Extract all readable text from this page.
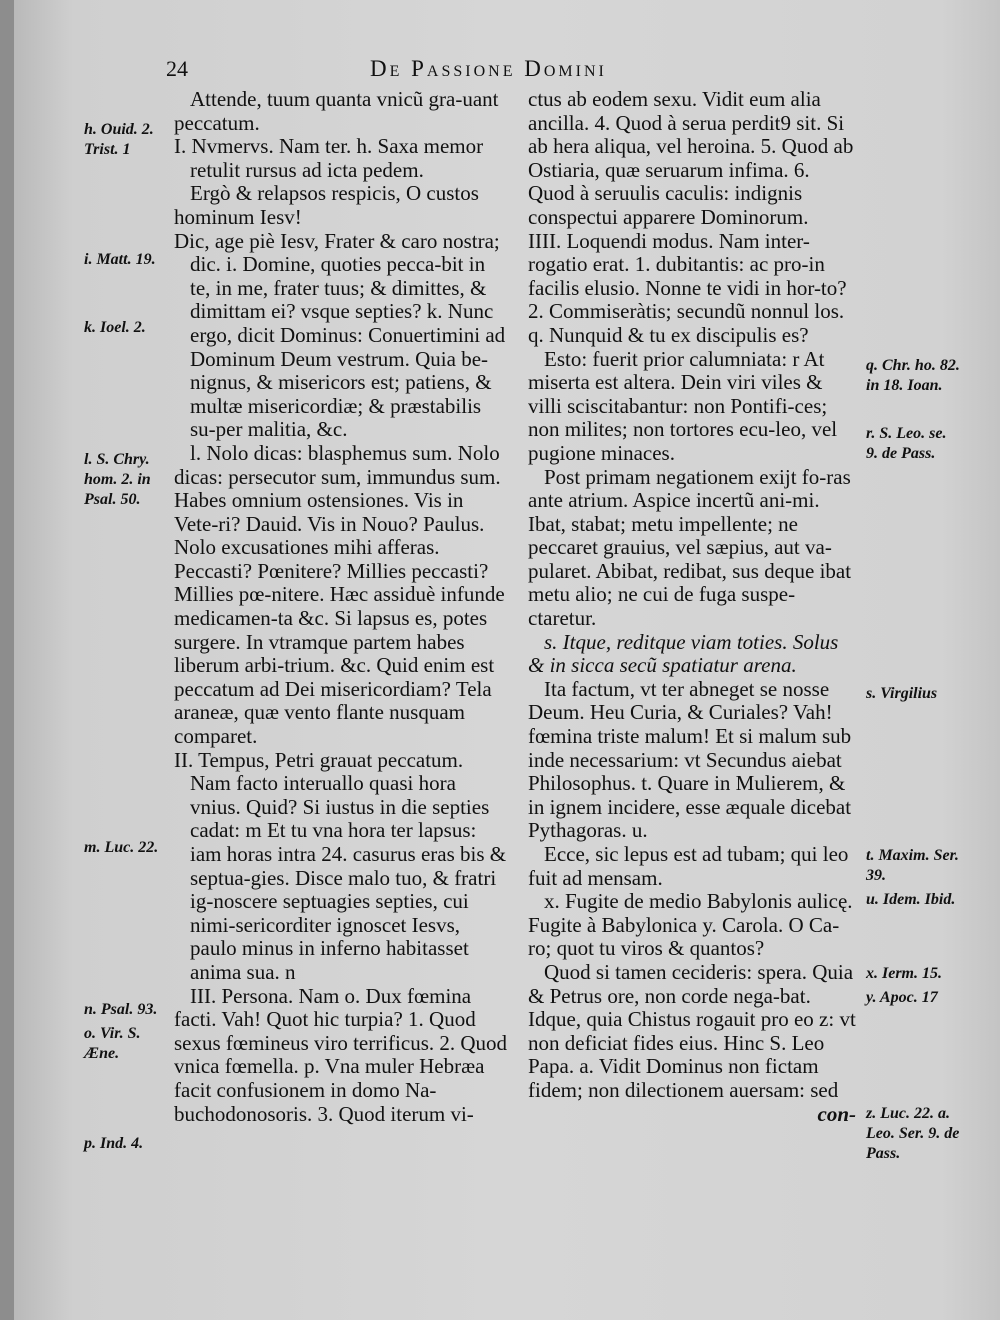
24	De Passione Domini

Attende, tuum quanta vnicũ gra-uant peccatum.

I. Nvmervs. Nam ter. h. Saxa memor retulit rursus ad icta pedem.

Ergò & relapsos respicis, O custos hominum Iesv!

Dic, age piè Iesv, Frater & caro nostra; dic. i. Domine, quoties pecca-bit in te, in me, frater tuus; & dimittes, & dimittam ei? vsque septies? k. Nunc ergo, dicit Dominus: Conuertimini ad Dominum Deum vestrum. Quia be-nignus, & misericors est; patiens, & multæ misericordiæ; & præstabilis su-per malitia, &c.

l. Nolo dicas: blasphemus sum. Nolo dicas: persecutor sum, immundus sum. Habes omnium ostensiones. Vis in Vete-ri? Dauid. Vis in Nouo? Paulus. Nolo excusationes mihi afferas. Peccasti? Pœnitere? Millies peccasti? Millies pœ-nitere. Hæc assiduè infunde medicamen-ta &c. Si lapsus es, potes surgere. In vtramque partem habes liberum arbi-trium. &c. Quid enim est peccatum ad Dei misericordiam? Tela araneæ, quæ vento flante nusquam comparet.

II. Tempus, Petri grauat peccatum. Nam facto interuallo quasi hora vnius. Quid? Si iustus in die septies cadat: m Et tu vna hora ter lapsus: iam horas intra 24. casurus eras bis & septua-gies. Disce malo tuo, & fratri ig-noscere septuagies septies, cui nimi-sericorditer ignoscet Iesvs, paulo minus in inferno habitasset anima sua. n

III. Persona. Nam o. Dux fœmina facti. Vah! Quot hic turpia? 1. Quod sexus fœmineus viro terrificus. 2. Quod vnica fœmella. p. Vna muler Hebræa facit confusionem in domo Na-buchodonosoris. 3. Quod iterum vi-

ctus ab eodem sexu. Vidit eum alia ancilla. 4. Quod à serua perdit9 sit. Si ab hera aliqua, vel heroina. 5. Quod ab Ostiaria, quæ seruarum infima. 6. Quod à seruulis caculis: indignis conspectui apparere Dominorum.

IIII. Loquendi modus. Nam inter-rogatio erat. 1. dubitantis: ac pro-in facilis elusio. Nonne te vidi in hor-to? 2. Commiseràtis; secundũ nonnul los. q. Nunquid & tu ex discipulis es?

Esto: fuerit prior calumniata: r At miserta est altera. Dein viri viles & villi sciscitabantur: non Pontifi-ces; non milites; non tortores ecu-leo, vel pugione minaces.

Post primam negationem exijt fo-ras ante atrium. Aspice incertũ ani-mi. Ibat, stabat; metu impellente; ne peccaret grauius, vel sæpius, aut va-pularet. Abibat, redibat, sus deque ibat metu alio; ne cui de fuga suspe-ctaretur.

s. Itque, reditque viam toties. Solus & in sicca secũ spatiatur arena.

Ita factum, vt ter abneget se nosse Deum. Heu Curia, & Curiales? Vah! fœmina triste malum! Et si malum sub inde necessarium: vt Secundus aiebat Philosophus. t. Quare in Mulierem, & in ignem incidere, esse æquale dicebat Pythagoras. u.

Ecce, sic lepus est ad tubam; qui leo fuit ad mensam.

x. Fugite de medio Babylonis aulicę. Fugite à Babylonica y. Carola. O Ca-ro; quot tu viros & quantos?

Quod si tamen cecideris: spera. Quia & Petrus ore, non corde nega-bat. Idque, quia Chistus rogauit pro eo z: vt non deficiat fides eius. Hinc S. Leo Papa. a. Vidit Dominus non fictam fidem; non dilectionem auersam: sed

con-

h. Ouid. 2. Trist. 1
i. Matt. 19.
k. Ioel. 2.
l. S. Chry. hom. 2. in Psal. 50.
m. Luc. 22.
n. Psal. 93.
o. Vir. S. Æne.
p. Ind. 4.
q. Chr. ho. 82. in 18. Ioan.
r. S. Leo. se. 9. de Pass.
s. Virgilius
t. Maxim. Ser. 39.
u. Idem. Ibid.
x. Ierm. 15.
y. Apoc. 17
z. Luc. 22. a. Leo. Ser. 9. de Pass.
